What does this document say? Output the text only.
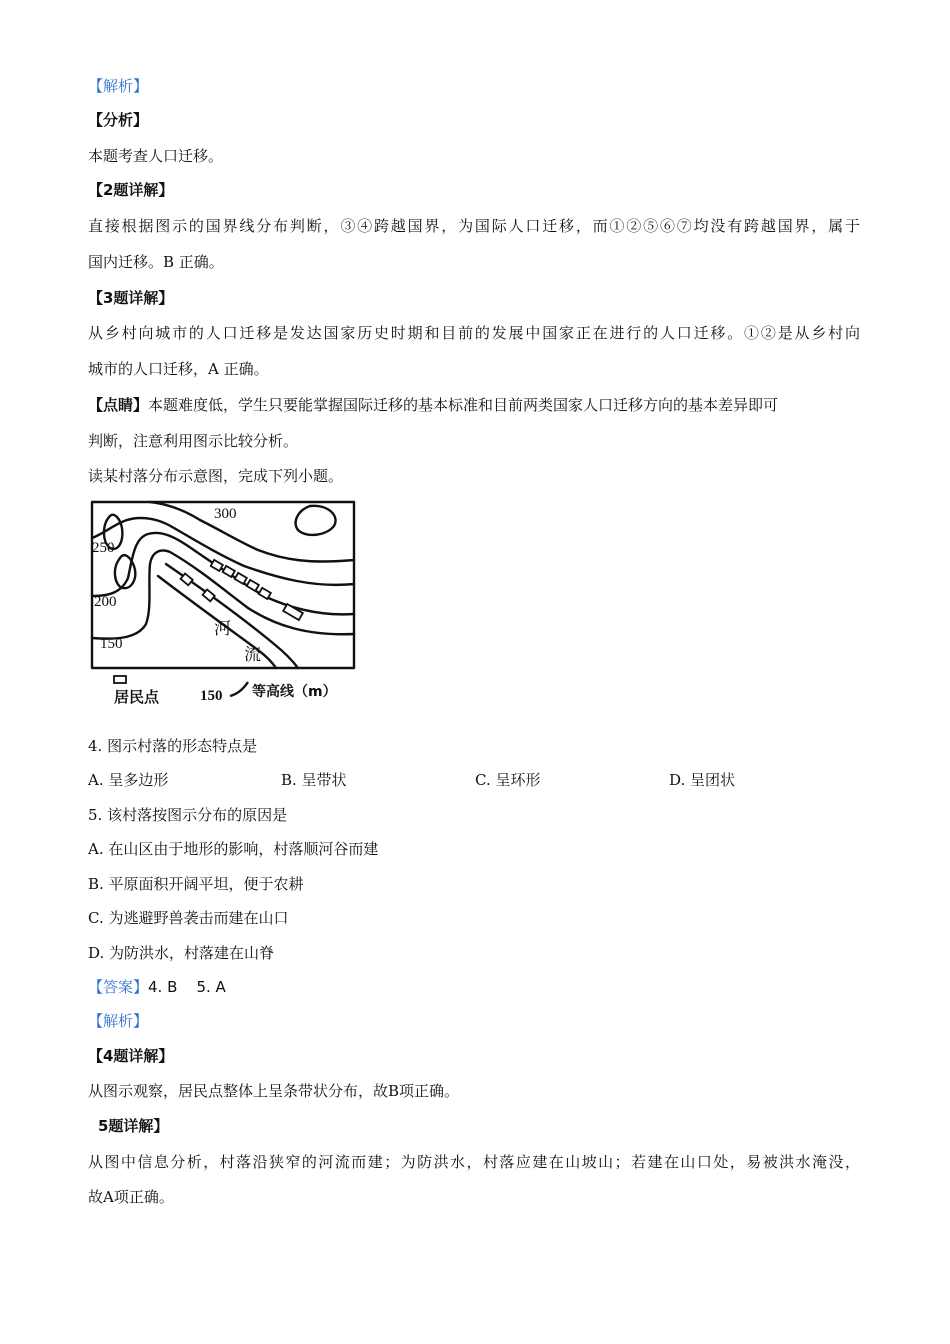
【解析】
【分析】
本题考查人口迁移。
【2题详解】
直接根据图示的国界线分布判断，③④跨越国界，为国际人口迁移，而①②⑤⑥⑦均没有跨越国界，属于
国内迁移。B 正确。
【3题详解】
从乡村向城市的人口迁移是发达国家历史时期和目前的发展中国家正在进行的人口迁移。①②是从乡村向
城市的人口迁移，A 正确。
【点睛】本题难度低，学生只要能掌握国际迁移的基本标准和目前两类国家人口迁移方向的基本差异即可
判断，注意利用图示比较分析。
读某村落分布示意图，完成下列小题。
300
250
200
150
河
流
居民点	150 等高线（m）
4. 图示村落的形态特点是
A. 呈多边形	B. 呈带状	C. 呈环形	D. 呈团状
5. 该村落按图示分布的原因是
A. 在山区由于地形的影响，村落顺河谷而建
B. 平原面积开阔平坦，便于农耕
C. 为逃避野兽袭击而建在山口
D. 为防洪水，村落建在山脊
【答案】4. B    5. A
【解析】
【4题详解】
从图示观察，居民点整体上呈条带状分布，故B项正确。
5题详解】
从图中信息分析，村落沿狭窄的河流而建；为防洪水，村落应建在山坡山；若建在山口处，易被洪水淹没，
故A项正确。
